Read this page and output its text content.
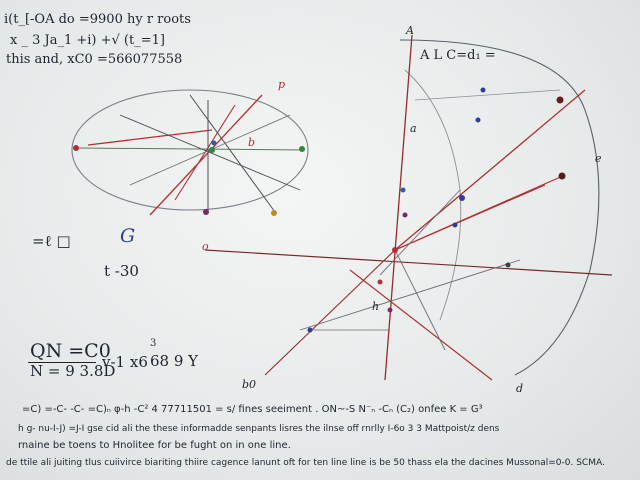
i(t_[-OA do =9900 hy r roots
x _ 3 Ja_1 +i) +√ (t_=1]
this and, xC0 =566077558	A L C=d₁ =
=ℓ □
t -30
G
QN =C0
N = 9 3.8D
v-1 x6 68 9 Y
3
b0
A
d
o
a
h
b
p
e
=C) =-C- -C- =C)ₙ φ-h -C² 4 77711501 = s/ fines seeiment . ON~-S N⁻ₙ -Cₙ (C₂) onfee K = G³
h g- nu-I-J) =J-I gse cid ali the these informadde senpants lisres the ilnse off rnrlly I-6o 3 3 Mattpoist/z dens
rnaine be toens to Hnolitee for be fught on in one line.
de ttile ali juiting tlus cuiivirce biariting thiire cagence lanunt oft for ten line line is be 50 thass ela the dacines Mussonal=0-0. SCMA.
